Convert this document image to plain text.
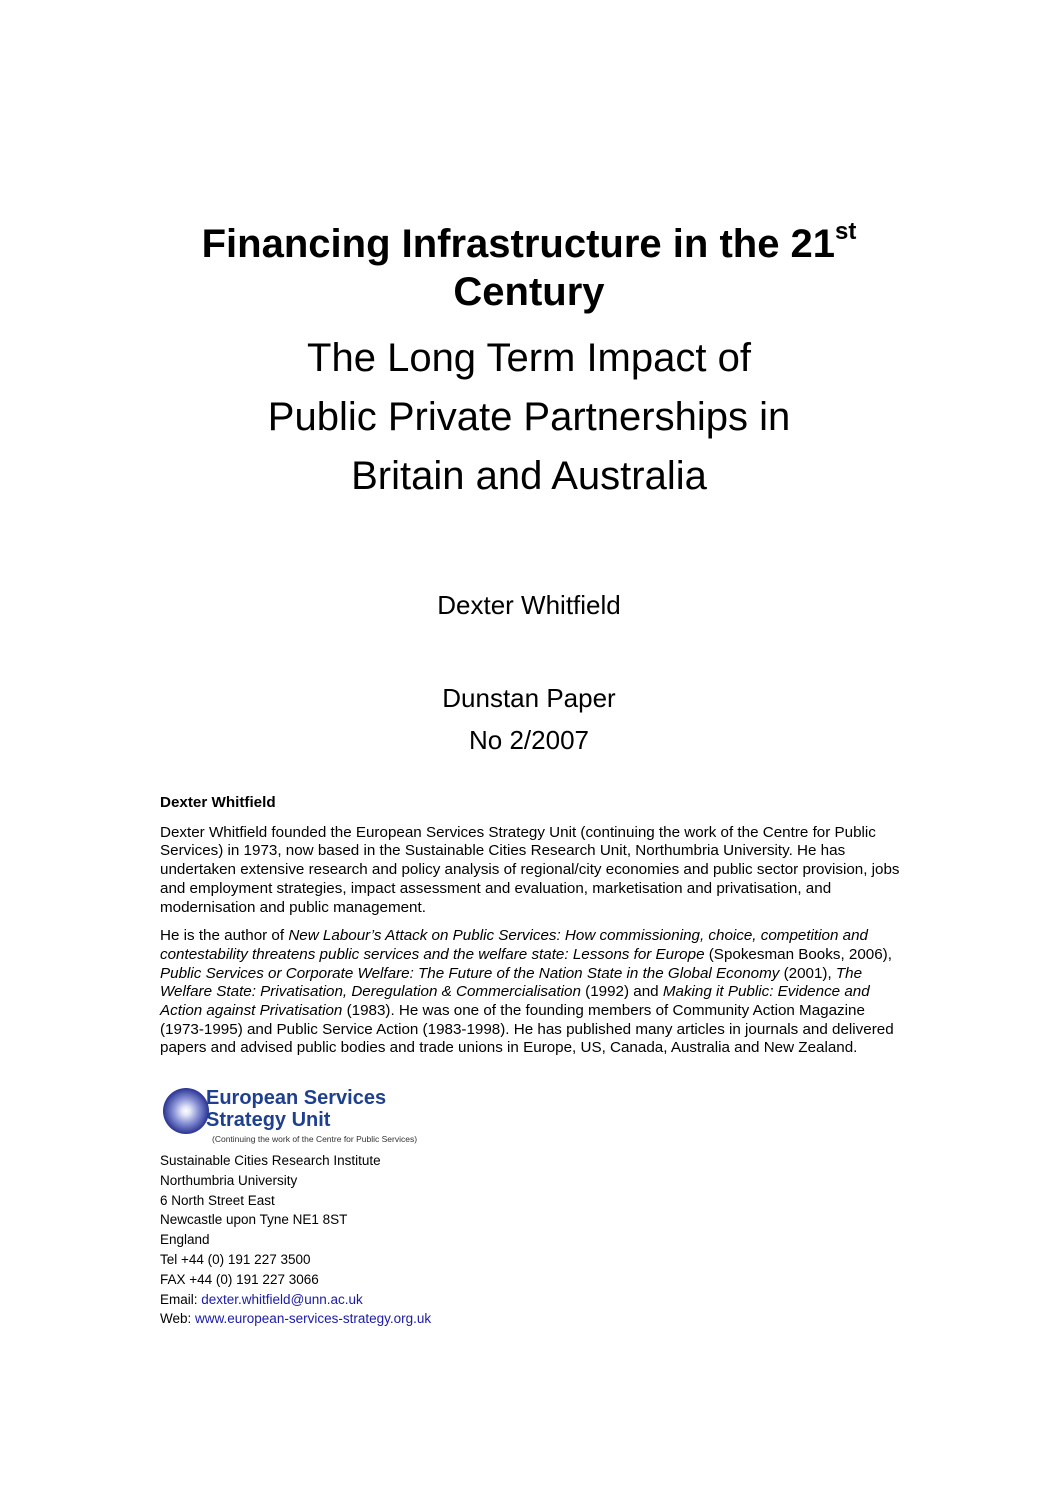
Financing Infrastructure in the 21st
Century
The Long Term Impact of
Public Private Partnerships in
Britain and Australia
Dexter Whitfield
Dunstan Paper
No 2/2007
Dexter Whitfield

Dexter Whitfield founded the European Services Strategy Unit (continuing the work of the Centre for Public Services) in 1973, now based in the Sustainable Cities Research Unit, Northumbria University. He has undertaken extensive research and policy analysis of regional/city economies and public sector provision, jobs and employment strategies, impact assessment and evaluation, marketisation and privatisation, and modernisation and public management.

He is the author of New Labour’s Attack on Public Services: How commissioning, choice, competition and contestability threatens public services and the welfare state: Lessons for Europe (Spokesman Books, 2006), Public Services or Corporate Welfare: The Future of the Nation State in the Global Economy (2001), The Welfare State: Privatisation, Deregulation & Commercialisation (1992) and Making it Public: Evidence and Action against Privatisation (1983). He was one of the founding members of Community Action Magazine (1973-1995) and Public Service Action (1983-1998). He has published many articles in journals and delivered papers and advised public bodies and trade unions in Europe, US, Canada, Australia and New Zealand.

European Services
Strategy Unit
(Continuing the work of the Centre for Public Services)
Sustainable Cities Research Institute
Northumbria University
6 North Street East
Newcastle upon Tyne NE1 8ST
England
Tel +44 (0) 191 227 3500
FAX +44 (0) 191 227 3066
Email: dexter.whitfield@unn.ac.uk
Web: www.european-services-strategy.org.uk
